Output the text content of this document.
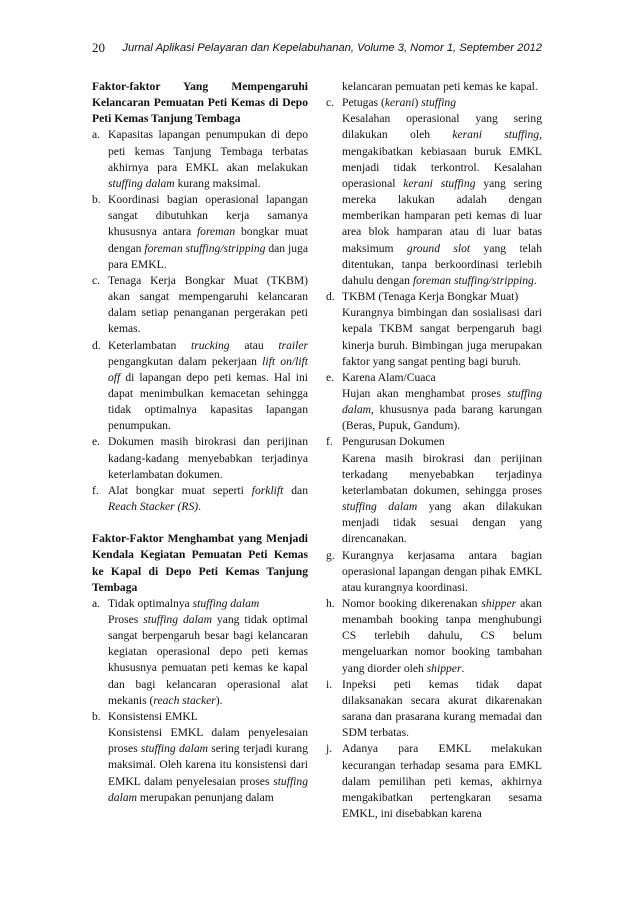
20 Jurnal Aplikasi Pelayaran dan Kepelabuhanan, Volume 3, Nomor 1, September 2012
Faktor-faktor Yang Mempengaruhi Kelancaran Pemuatan Peti Kemas di Depo Peti Kemas Tanjung Tembaga
a. Kapasitas lapangan penumpukan di depo peti kemas Tanjung Tembaga terbatas akhirnya para EMKL akan melakukan stuffing dalam kurang maksimal.

b. Koordinasi bagian operasional lapangan sangat dibutuhkan kerja samanya khususnya antara foreman bongkar muat dengan foreman stuffing/stripping dan juga para EMKL.

c. Tenaga Kerja Bongkar Muat (TKBM) akan sangat mempengaruhi kelancaran dalam setiap penanganan pergerakan peti kemas.

d. Keterlambatan trucking atau trailer pengangkutan dalam pekerjaan lift on/lift off di lapangan depo peti kemas. Hal ini dapat menimbulkan kemacetan sehingga tidak optimalnya kapasitas lapangan penumpukan.

e. Dokumen masih birokrasi dan perijinan kadang-kadang menyebabkan terjadinya keterlambatan dokumen.

f. Alat bongkar muat seperti forklift dan Reach Stacker (RS).

Faktor-Faktor Menghambat yang Menjadi Kendala Kegiatan Pemuatan Peti Kemas ke Kapal di Depo Peti Kemas Tanjung Tembaga
a. Tidak optimalnya stuffing dalam

Proses stuffing dalam yang tidak optimal sangat berpengaruh besar bagi kelancaran kegiatan operasional depo peti kemas khususnya pemuatan peti kemas ke kapal dan bagi kelancaran operasional alat mekanis (reach stacker).

b. Konsistensi EMKL

Konsistensi EMKL dalam penyelesaian proses stuffing dalam sering terjadi kurang maksimal. Oleh karena itu konsistensi dari EMKL dalam penyelesaian proses stuffing dalam merupakan penunjang dalam

kelancaran pemuatan peti kemas ke kapal.

c. Petugas (kerani) stuffing

Kesalahan operasional yang sering dilakukan oleh kerani stuffing, mengakibatkan kebiasaan buruk EMKL menjadi tidak terkontrol. Kesalahan operasional kerani stuffing yang sering mereka lakukan adalah dengan memberikan hamparan peti kemas di luar area blok hamparan atau di luar batas maksimum ground slot yang telah ditentukan, tanpa berkoordinasi terlebih dahulu dengan foreman stuffing/stripping.

d. TKBM (Tenaga Kerja Bongkar Muat)

Kurangnya bimbingan dan sosialisasi dari kepala TKBM sangat berpengaruh bagi kinerja buruh. Bimbingan juga merupakan faktor yang sangat penting bagi buruh.

e. Karena Alam/Cuaca

Hujan akan menghambat proses stuffing dalam, khususnya pada barang karungan (Beras, Pupuk, Gandum).

f. Pengurusan Dokumen

Karena masih birokrasi dan perijinan terkadang menyebabkan terjadinya keterlambatan dokumen, sehingga proses stuffing dalam yang akan dilakukan menjadi tidak sesuai dengan yang direncanakan.

g. Kurangnya kerjasama antara bagian operasional lapangan dengan pihak EMKL atau kurangnya koordinasi.

h. Nomor booking dikerenakan shipper akan menambah booking tanpa menghubungi CS terlebih dahulu, CS belum mengeluarkan nomor booking tambahan yang diorder oleh shipper.

i. Inpeksi peti kemas tidak dapat dilaksanakan secara akurat dikarenakan sarana dan prasarana kurang memadai dan SDM terbatas.

j. Adanya para EMKL melakukan kecurangan terhadap sesama para EMKL dalam pemilihan peti kemas, akhirnya mengakibatkan pertengkaran sesama EMKL, ini disebabkan karena
